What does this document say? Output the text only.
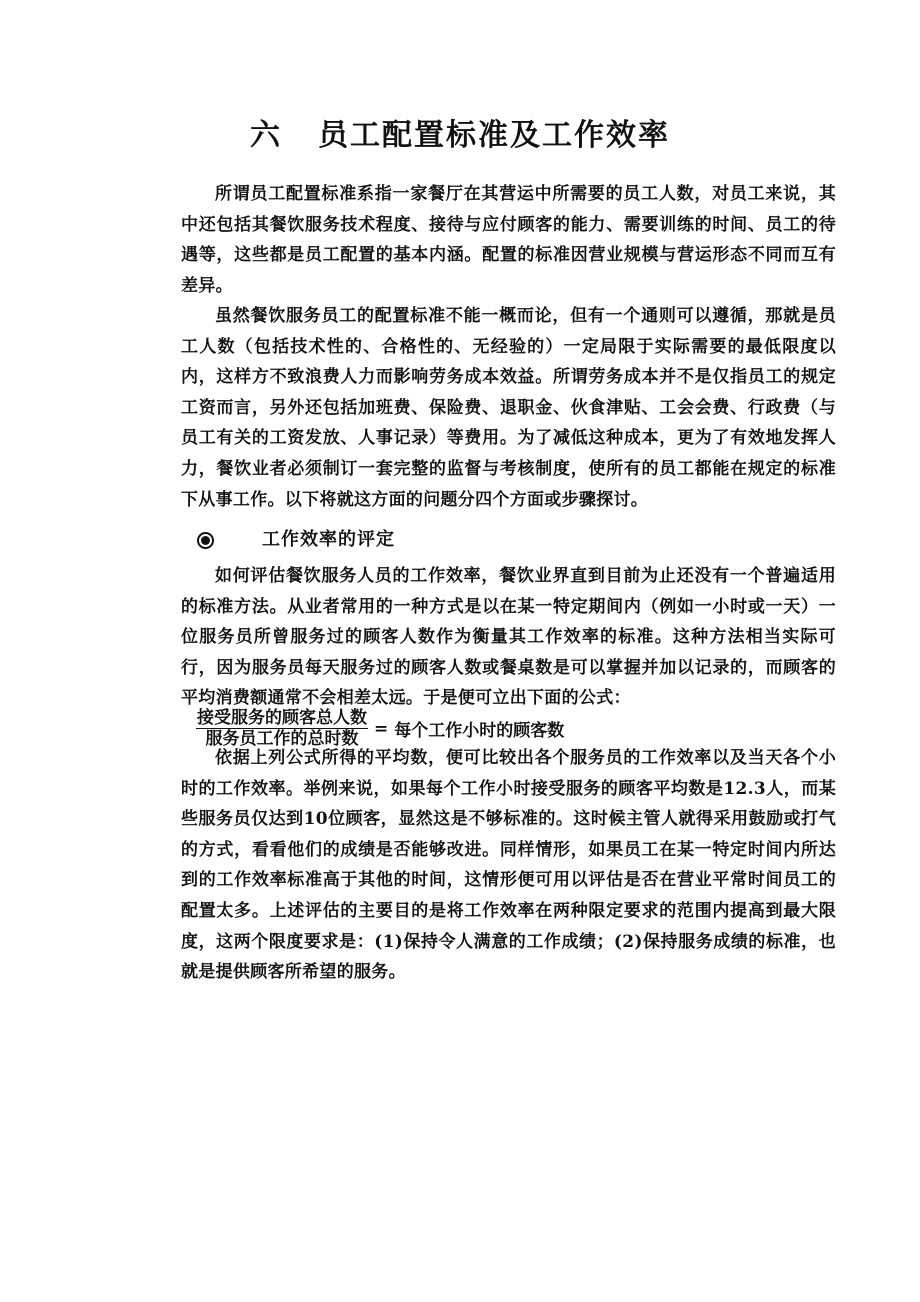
六 员工配置标准及工作效率

所谓员工配置标准系指一家餐厅在其营运中所需要的员工人数，对员工来说，其中还包括其餐饮服务技术程度、接待与应付顾客的能力、需要训练的时间、员工的待遇等，这些都是员工配置的基本内涵。配置的标准因营业规模与营运形态不同而互有差异。

虽然餐饮服务员工的配置标准不能一概而论，但有一个通则可以遵循，那就是员工人数（包括技术性的、合格性的、无经验的）一定局限于实际需要的最低限度以内，这样方不致浪费人力而影响劳务成本效益。所谓劳务成本并不是仅指员工的规定工资而言，另外还包括加班费、保险费、退职金、伙食津贴、工会会费、行政费（与员工有关的工资发放、人事记录）等费用。为了减低这种成本，更为了有效地发挥人力，餐饮业者必须制订一套完整的监督与考核制度，使所有的员工都能在规定的标准下从事工作。以下将就这方面的问题分四个方面或步骤探讨。

工作效率的评定

如何评估餐饮服务人员的工作效率，餐饮业界直到目前为止还没有一个普遍适用的标准方法。从业者常用的一种方式是以在某一特定期间内（例如一小时或一天）一位服务员所曾服务过的顾客人数作为衡量其工作效率的标准。这种方法相当实际可行，因为服务员每天服务过的顾客人数或餐桌数是可以掌握并加以记录的，而顾客的平均消费额通常不会相差太远。于是便可立出下面的公式：

$\frac{\text{接受服务的顾客总人数}}{\text{服务员工作的总时数}}$ = 每个工作小时的顾客数

依据上列公式所得的平均数，便可比较出各个服务员的工作效率以及当天各个小时的工作效率。举例来说，如果每个工作小时接受服务的顾客平均数是12.3人，而某些服务员仅达到10位顾客，显然这是不够标准的。这时候主管人就得采用鼓励或打气的方式，看看他们的成绩是否能够改进。同样情形，如果员工在某一特定时间内所达到的工作效率标准高于其他的时间，这情形便可用以评估是否在营业平常时间员工的配置太多。上述评估的主要目的是将工作效率在两种限定要求的范围内提高到最大限度，这两个限度要求是：(1)保持令人满意的工作成绩；(2)保持服务成绩的标准，也就是提供顾客所希望的服务。
